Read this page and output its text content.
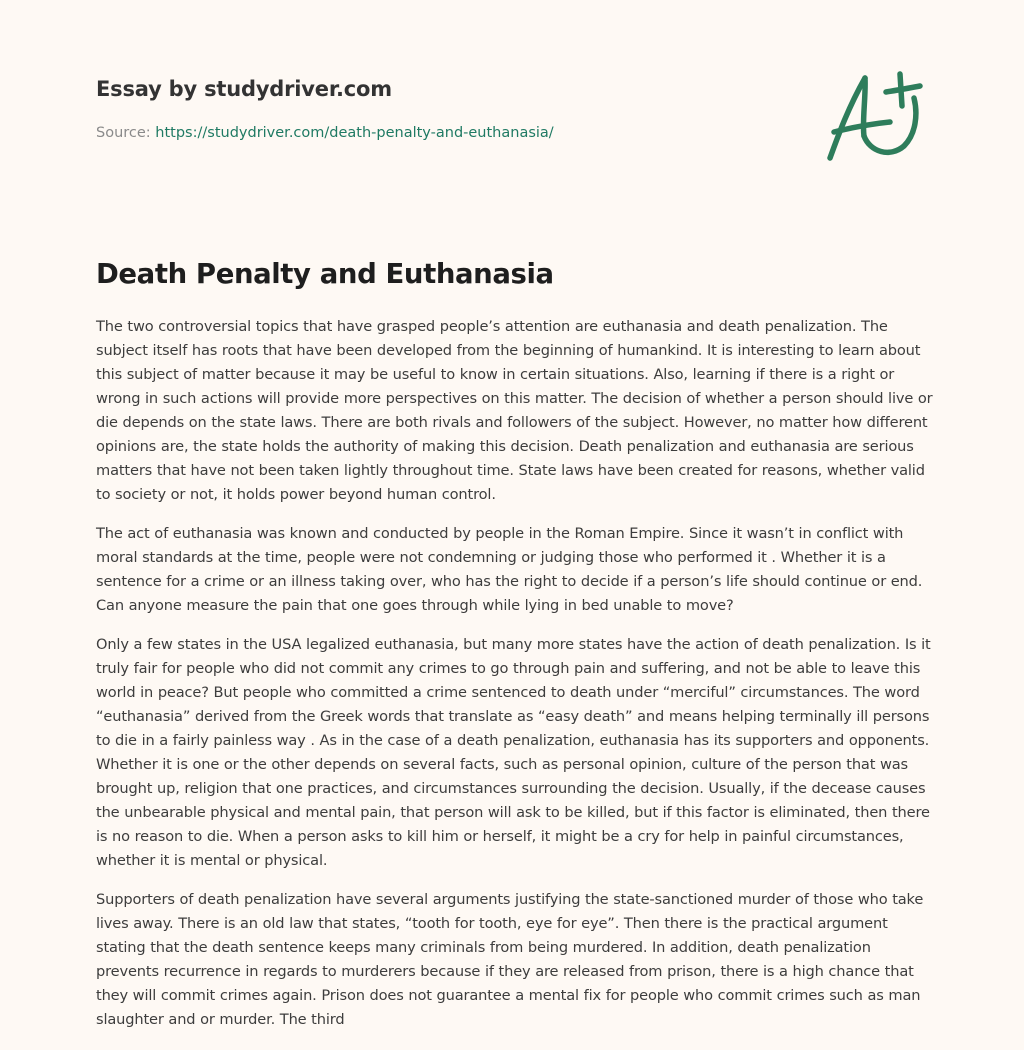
Essay by studydriver.com
Source: https://studydriver.com/death-penalty-and-euthanasia/
Death Penalty and Euthanasia

The two controversial topics that have grasped people’s attention are euthanasia and death penalization. The subject itself has roots that have been developed from the beginning of humankind. It is interesting to learn about this subject of matter because it may be useful to know in certain situations. Also, learning if there is a right or wrong in such actions will provide more perspectives on this matter. The decision of whether a person should live or die depends on the state laws. There are both rivals and followers of the subject. However, no matter how different opinions are, the state holds the authority of making this decision. Death penalization and euthanasia are serious matters that have not been taken lightly throughout time. State laws have been created for reasons, whether valid to society or not, it holds power beyond human control.

The act of euthanasia was known and conducted by people in the Roman Empire. Since it wasn’t in conflict with moral standards at the time, people were not condemning or judging those who performed it . Whether it is a sentence for a crime or an illness taking over, who has the right to decide if a person’s life should continue or end. Can anyone measure the pain that one goes through while lying in bed unable to move?

Only a few states in the USA legalized euthanasia, but many more states have the action of death penalization. Is it truly fair for people who did not commit any crimes to go through pain and suffering, and not be able to leave this world in peace? But people who committed a crime sentenced to death under “merciful” circumstances. The word “euthanasia” derived from the Greek words that translate as “easy death” and means helping terminally ill persons to die in a fairly painless way . As in the case of a death penalization, euthanasia has its supporters and opponents. Whether it is one or the other depends on several facts, such as personal opinion, culture of the person that was brought up, religion that one practices, and circumstances surrounding the decision. Usually, if the decease causes the unbearable physical and mental pain, that person will ask to be killed, but if this factor is eliminated, then there is no reason to die. When a person asks to kill him or herself, it might be a cry for help in painful circumstances, whether it is mental or physical.

Supporters of death penalization have several arguments justifying the state-sanctioned murder of those who take lives away. There is an old law that states, “tooth for tooth, eye for eye”. Then there is the practical argument stating that the death sentence keeps many criminals from being murdered. In addition, death penalization prevents recurrence in regards to murderers because if they are released from prison, there is a high chance that they will commit crimes again. Prison does not guarantee a mental fix for people who commit crimes such as man slaughter and or murder. The third
